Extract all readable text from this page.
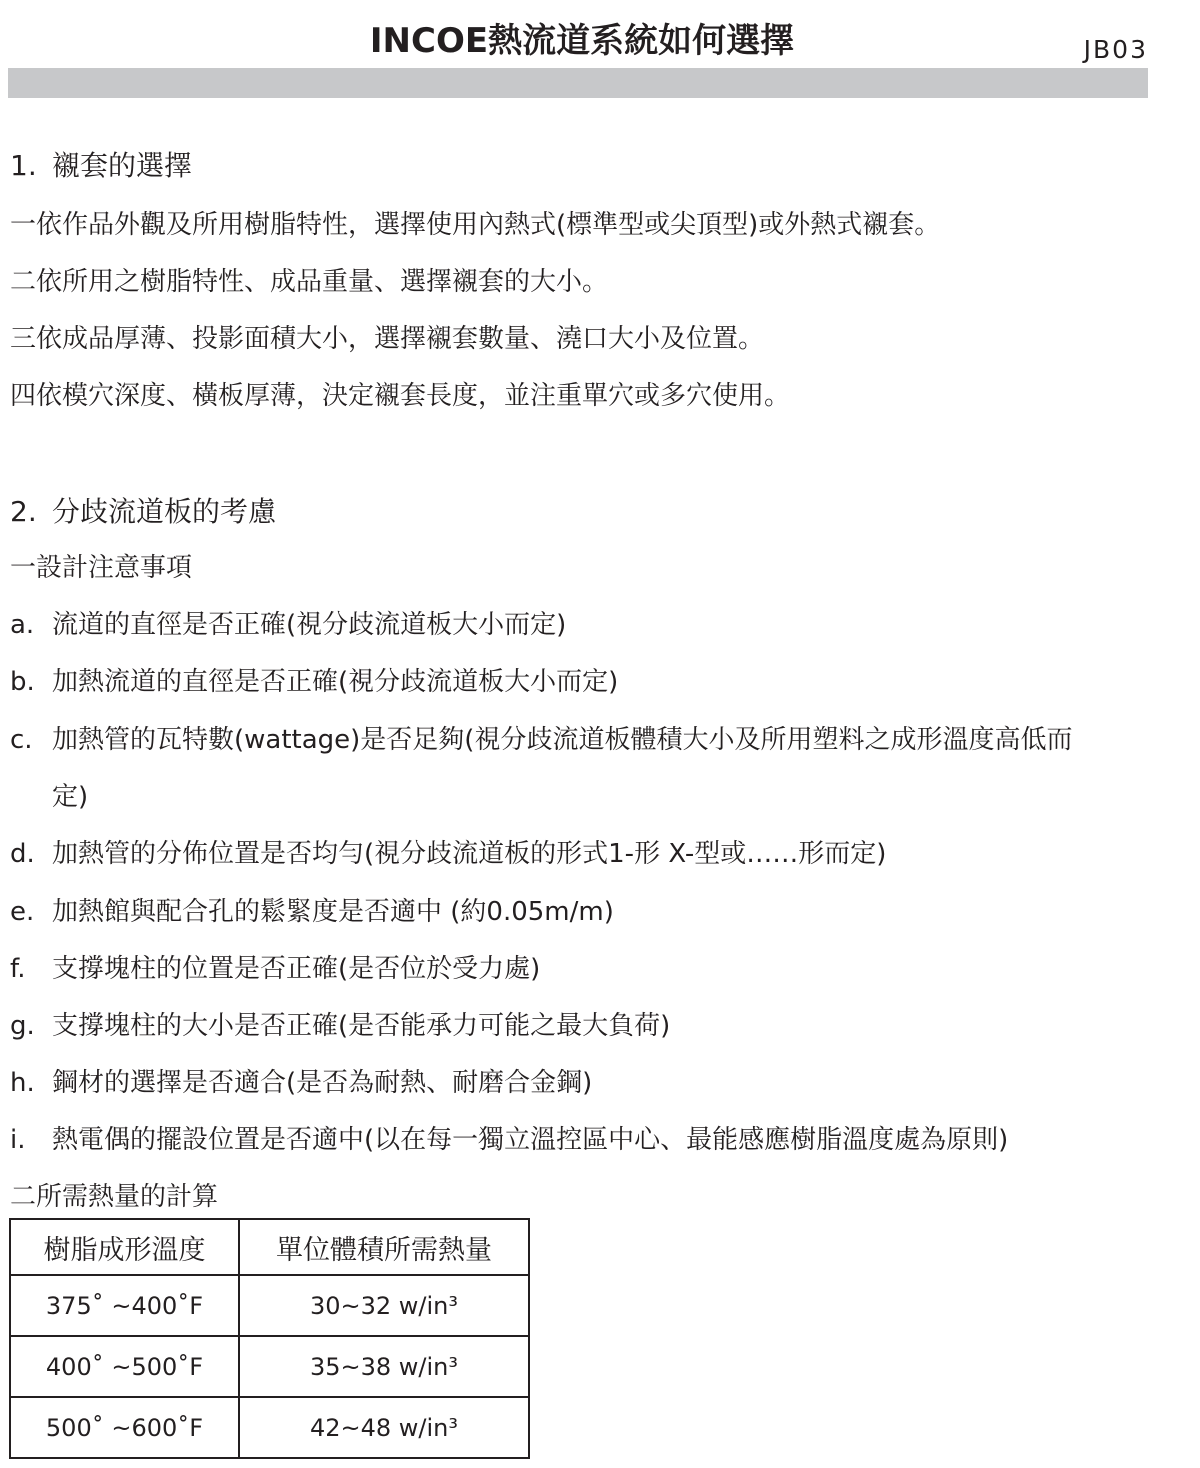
INCOE熱流道系統如何選擇	JB03
1. 襯套的選擇
一依作品外觀及所用樹脂特性，選擇使用內熱式(標準型或尖頂型)或外熱式襯套。
二依所用之樹脂特性、成品重量、選擇襯套的大小。
三依成品厚薄、投影面積大小，選擇襯套數量、澆口大小及位置。
四依模穴深度、橫板厚薄，決定襯套長度，並注重單穴或多穴使用。
2. 分歧流道板的考慮
一設計注意事項
a. 流道的直徑是否正確(視分歧流道板大小而定)
b. 加熱流道的直徑是否正確(視分歧流道板大小而定)
c. 加熱管的瓦特數(wattage)是否足夠(視分歧流道板體積大小及所用塑料之成形溫度高低而
定)
d. 加熱管的分佈位置是否均勻(視分歧流道板的形式1-形 X-型或……形而定)
e. 加熱館與配合孔的鬆緊度是否適中 (約0.05m/m)
f. 支撐塊柱的位置是否正確(是否位於受力處)
g. 支撐塊柱的大小是否正確(是否能承力可能之最大負荷)
h. 鋼材的選擇是否適合(是否為耐熱、耐磨合金鋼)
i. 熱電偶的擺設位置是否適中(以在每一獨立溫控區中心、最能感應樹脂溫度處為原則)
二所需熱量的計算
樹脂成形溫度	單位體積所需熱量
375˚ ~400˚F	30~32 w/in³
400˚ ~500˚F	35~38 w/in³
500˚ ~600˚F	42~48 w/in³
